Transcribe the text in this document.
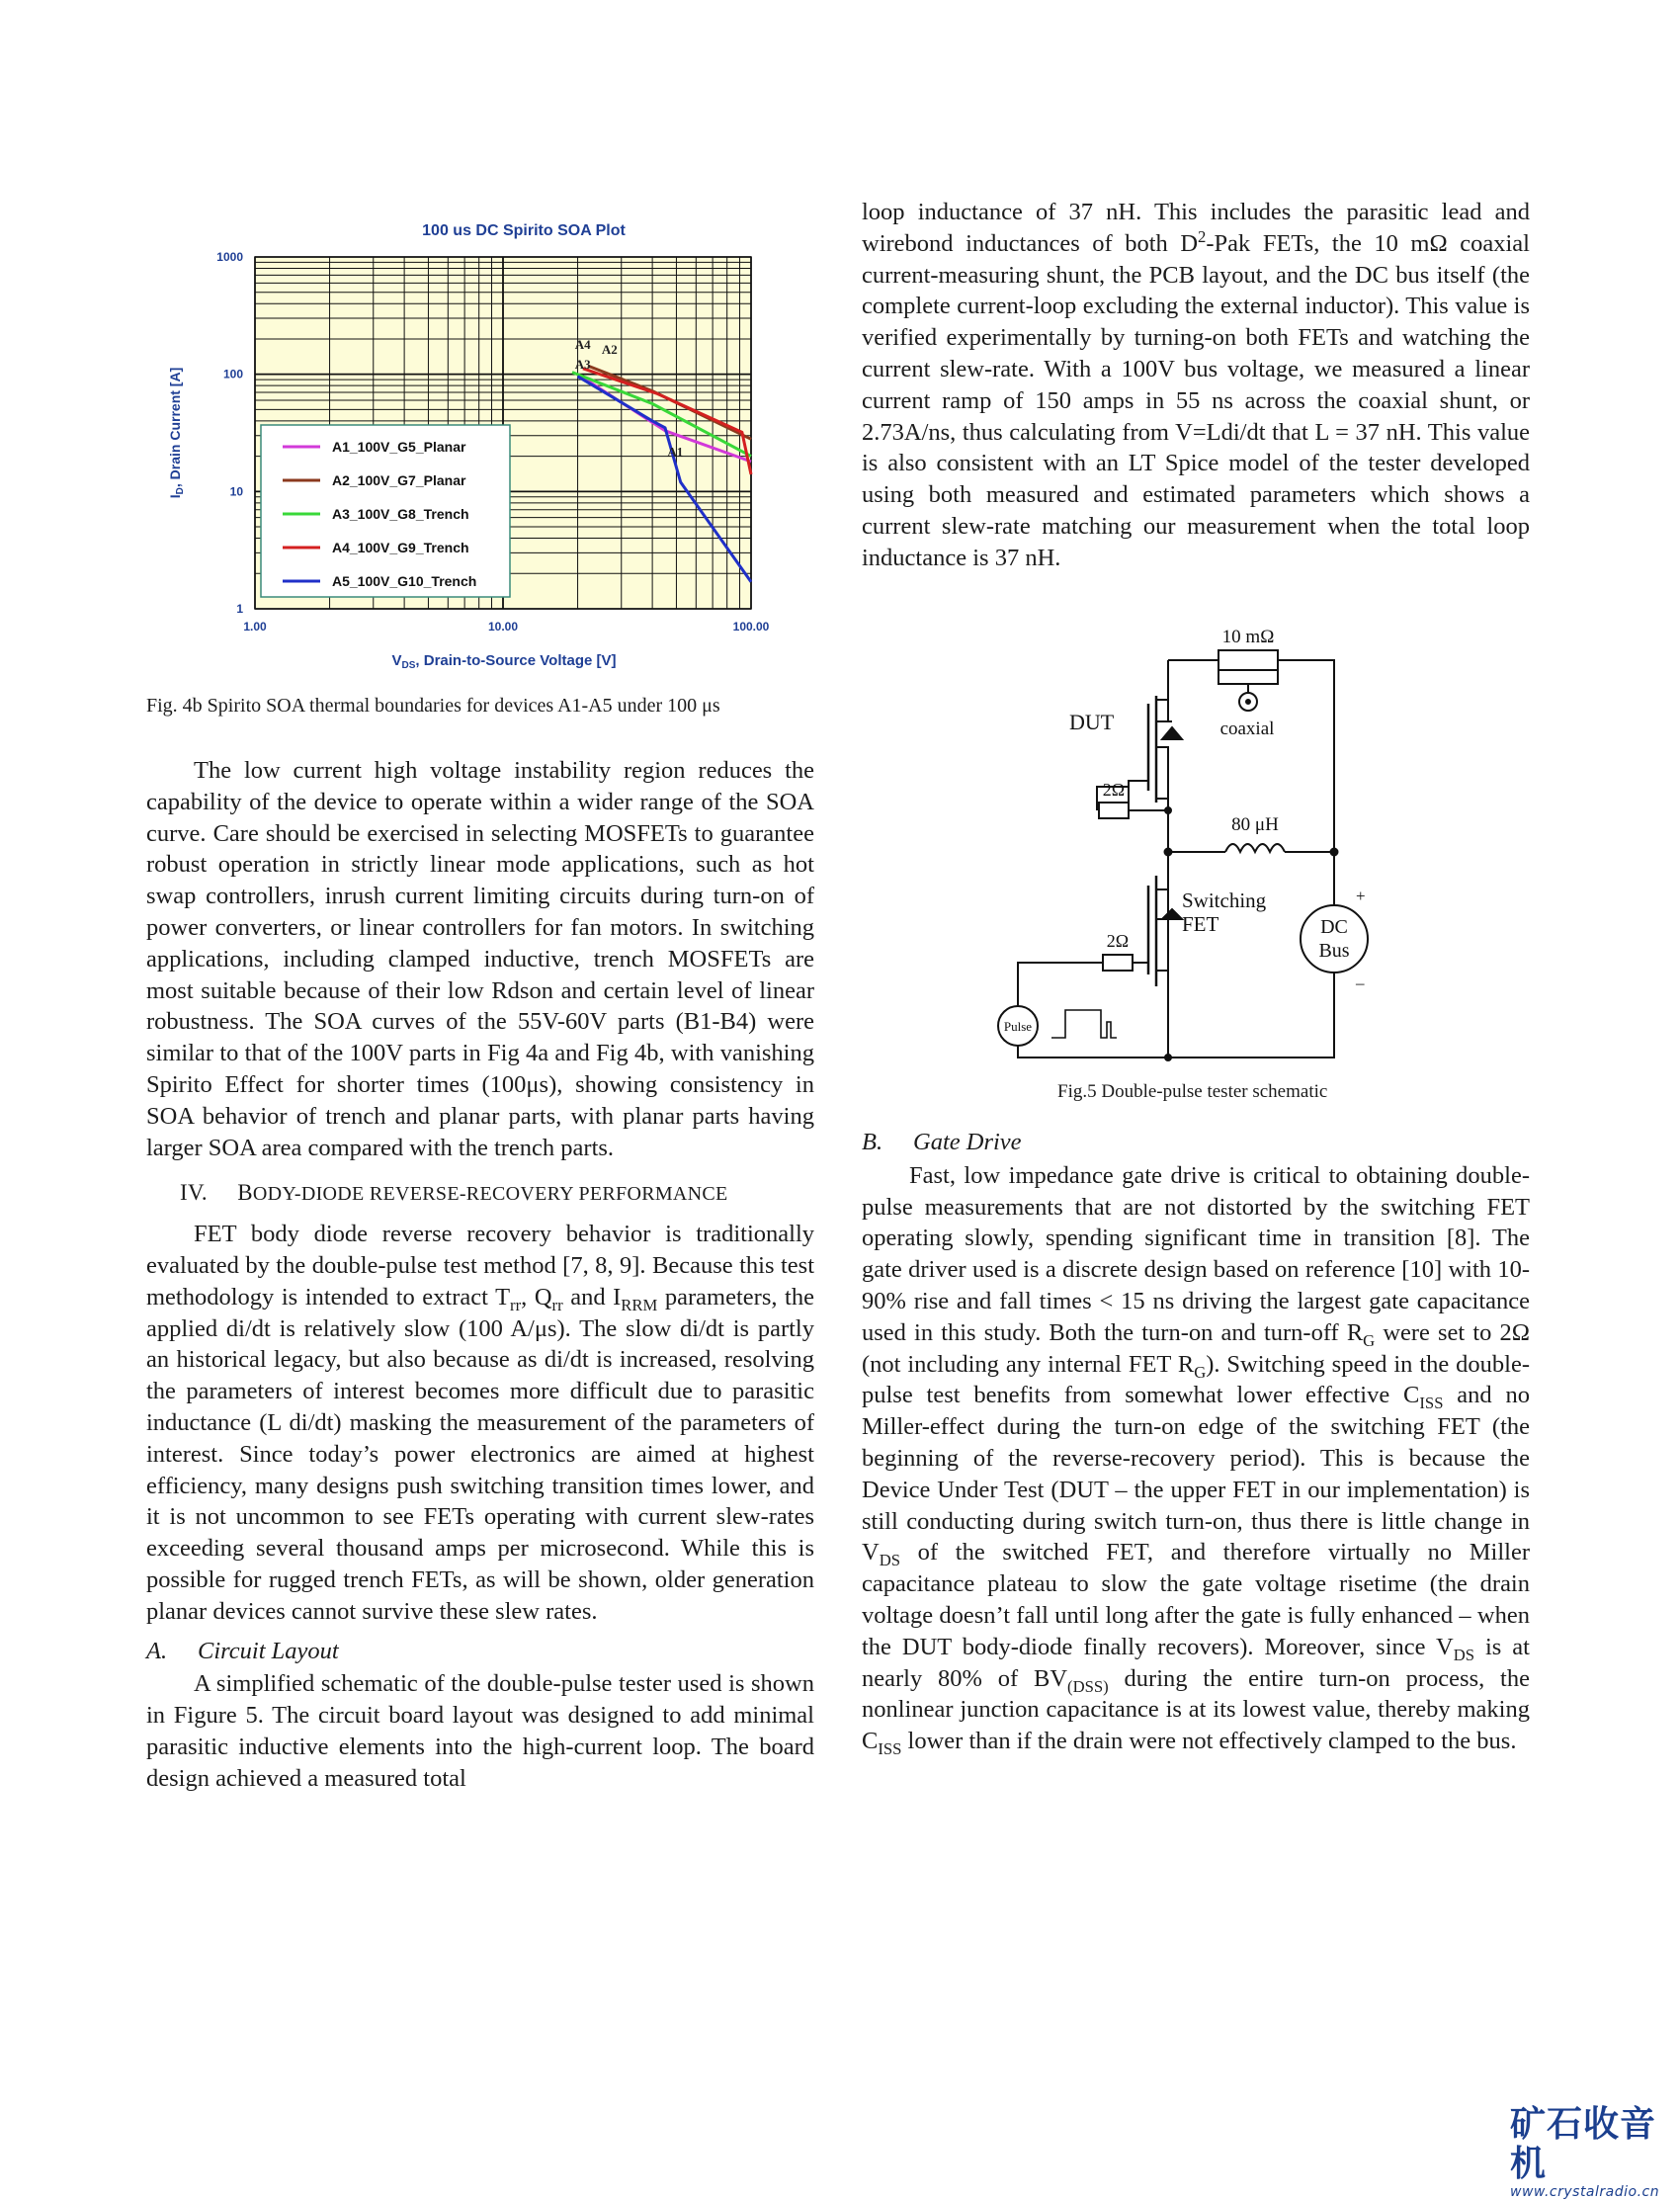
100 us DC Spirito SOA Plot
1
10
100
1000
1.00	10.00	100.00
A4 A2
A3
A1
A1_100V_G5_Planar
A2_100V_G7_Planar
A3_100V_G8_Trench
A4_100V_G9_Trench
A5_100V_G10_Trench
$V_{DS}$, Drain-to-Source Voltage [V]
$I_D$, Drain Current [A]
Fig. 4b Spirito SOA thermal boundaries for devices A1-A5 under 100 μs
10 mΩ
coaxial
DUT
2Ω
80 μH
Switching
FET
2Ω
Pulse
DC
Bus
+
–
Fig.5 Double-pulse tester schematic

loop inductance of 37 nH. This includes the parasitic lead and wirebond inductances of both $D^2$-Pak FETs, the 10 mΩ coaxial current-measuring shunt, the PCB layout, and the DC bus itself (the complete current-loop excluding the external inductor). This value is verified experimentally by turning-on both FETs and watching the current slew-rate. With a 100V bus voltage, we measured a linear current ramp of 150 amps in 55 ns across the coaxial shunt, or 2.73A/ns, thus calculating from V=Ldi/dt that L = 37 nH. This value is also consistent with an LT Spice model of the tester developed using both measured and estimated parameters which shows a current slew-rate matching our measurement when the total loop inductance is 37 nH.

The low current high voltage instability region reduces the capability of the device to operate within a wider range of the SOA curve. Care should be exercised in selecting MOSFETs to guarantee robust operation in strictly linear mode applications, such as hot swap controllers, inrush current limiting circuits during turn-on of power converters, or linear controllers for fan motors. In switching applications, including clamped inductive, trench MOSFETs are most suitable because of their low Rdson and certain level of linear robustness. The SOA curves of the 55V-60V parts (B1-B4) were similar to that of the 100V parts in Fig 4a and Fig 4b, with vanishing Spirito Effect for shorter times (100μs), showing consistency in SOA behavior of trench and planar parts, with planar parts having larger SOA area compared with the trench parts.

IV. BODY-DIODE REVERSE-RECOVERY PERFORMANCE

FET body diode reverse recovery behavior is traditionally evaluated by the double-pulse test method [7, 8, 9]. Because this test methodology is intended to extract $T_{rr}$, $Q_{rr}$ and $I_{RRM}$ parameters, the applied di/dt is relatively slow (100 A/μs). The slow di/dt is partly an historical legacy, but also because as di/dt is increased, resolving the parameters of interest becomes more difficult due to parasitic inductance (L di/dt) masking the measurement of the parameters of interest. Since today’s power electronics are aimed at highest efficiency, many designs push switching transition times lower, and it is not uncommon to see FETs operating with current slew-rates exceeding several thousand amps per microsecond. While this is possible for rugged trench FETs, as will be shown, older generation planar devices cannot survive these slew rates.

A. Circuit Layout

A simplified schematic of the double-pulse tester used is shown in Figure 5. The circuit board layout was designed to add minimal parasitic inductive elements into the high-current loop. The board design achieved a measured total

B. Gate Drive

Fast, low impedance gate drive is critical to obtaining double-pulse measurements that are not distorted by the switching FET operating slowly, spending significant time in transition [8]. The gate driver used is a discrete design based on reference [10] with 10-90% rise and fall times < 15 ns driving the largest gate capacitance used in this study. Both the turn-on and turn-off $R_G$ were set to 2Ω (not including any internal FET $R_G$). Switching speed in the double-pulse test benefits from somewhat lower effective $C_{ISS}$ and no Miller-effect during the turn-on edge of the switching FET (the beginning of the reverse-recovery period). This is because the Device Under Test (DUT – the upper FET in our implementation) is still conducting during switch turn-on, thus there is little change in $V_{DS}$ of the switched FET, and therefore virtually no Miller capacitance plateau to slow the gate voltage risetime (the drain voltage doesn’t fall until long after the gate is fully enhanced – when the DUT body-diode finally recovers). Moreover, since $V_{DS}$ is at nearly 80% of $BV_{(DSS)}$ during the entire turn-on process, the nonlinear junction capacitance is at its lowest value, thereby making $C_{ISS}$ lower than if the drain were not effectively clamped to the bus.

矿石收音机
www.crystalradio.cn
